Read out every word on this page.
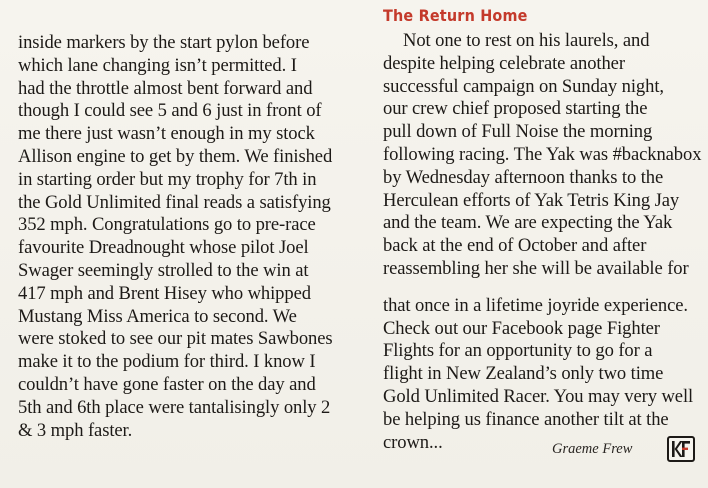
inside markers by the start pylon before
which lane changing isn’t permitted. I
had the throttle almost bent forward and
though I could see 5 and 6 just in front of
me there just wasn’t enough in my stock
Allison engine to get by them. We finished
in starting order but my trophy for 7th in
the Gold Unlimited final reads a satisfying
352 mph. Congratulations go to pre-race
favourite Dreadnought whose pilot Joel
Swager seemingly strolled to the win at
417 mph and Brent Hisey who whipped
Mustang Miss America to second. We
were stoked to see our pit mates Sawbones
make it to the podium for third. I know I
couldn’t have gone faster on the day and
5th and 6th place were tantalisingly only 2
& 3 mph faster.
The Return Home
Not one to rest on his laurels, and
despite helping celebrate another
successful campaign on Sunday night,
our crew chief proposed starting the
pull down of Full Noise the morning
following racing. The Yak was #backnabox
by Wednesday afternoon thanks to the
Herculean efforts of Yak Tetris King Jay
and the team. We are expecting the Yak
back at the end of October and after
reassembling her she will be available for
that once in a lifetime joyride experience.
Check out our Facebook page Fighter
Flights for an opportunity to go for a
flight in New Zealand’s only two time
Gold Unlimited Racer. You may very well
be helping us finance another tilt at the
crown...	Graeme Frew
